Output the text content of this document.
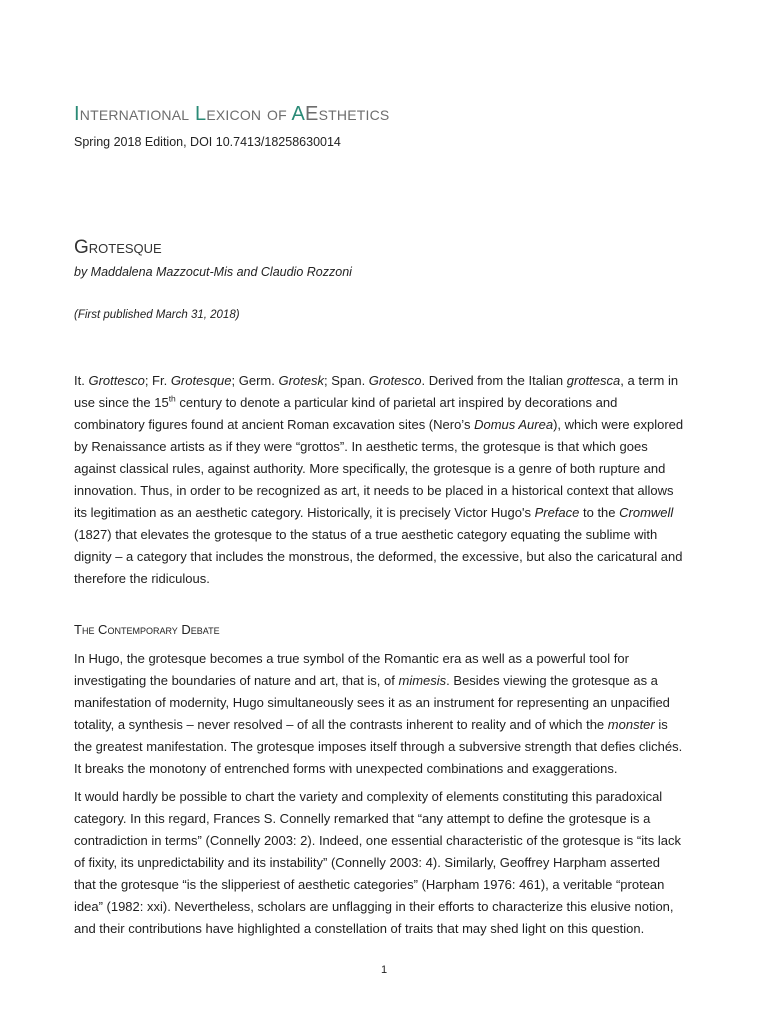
International Lexicon of AEsthetics
Spring 2018 Edition, DOI 10.7413/18258630014
Grotesque
by Maddalena Mazzocut-Mis and Claudio Rozzoni
(First published March 31, 2018)

It. Grottesco; Fr. Grotesque; Germ. Grotesk; Span. Grotesco. Derived from the Italian grottesca, a term in

use since the 15th century to denote a particular kind of parietal art inspired by decorations and

combinatory figures found at ancient Roman excavation sites (Nero’s Domus Aurea), which were explored

by Renaissance artists as if they were “grottos”. In aesthetic terms, the grotesque is that which goes

against classical rules, against authority. More specifically, the grotesque is a genre of both rupture and

innovation. Thus, in order to be recognized as art, it needs to be placed in a historical context that allows

its legitimation as an aesthetic category. Historically, it is precisely Victor Hugo's Preface to the Cromwell

(1827) that elevates the grotesque to the status of a true aesthetic category equating the sublime with

dignity – a category that includes the monstrous, the deformed, the excessive, but also the caricatural and

therefore the ridiculous.

The Contemporary Debate

In Hugo, the grotesque becomes a true symbol of the Romantic era as well as a powerful tool for

investigating the boundaries of nature and art, that is, of mimesis. Besides viewing the grotesque as a

manifestation of modernity, Hugo simultaneously sees it as an instrument for representing an unpacified

totality, a synthesis – never resolved – of all the contrasts inherent to reality and of which the monster is

the greatest manifestation. The grotesque imposes itself through a subversive strength that defies clichés.

It breaks the monotony of entrenched forms with unexpected combinations and exaggerations.

It would hardly be possible to chart the variety and complexity of elements constituting this paradoxical

category. In this regard, Frances S. Connelly remarked that “any attempt to define the grotesque is a

contradiction in terms” (Connelly 2003: 2). Indeed, one essential characteristic of the grotesque is “its lack

of fixity, its unpredictability and its instability” (Connelly 2003: 4). Similarly, Geoffrey Harpham asserted

that the grotesque “is the slipperiest of aesthetic categories” (Harpham 1976: 461), a veritable “protean

idea” (1982: xxi). Nevertheless, scholars are unflagging in their efforts to characterize this elusive notion,

and their contributions have highlighted a constellation of traits that may shed light on this question.

1
